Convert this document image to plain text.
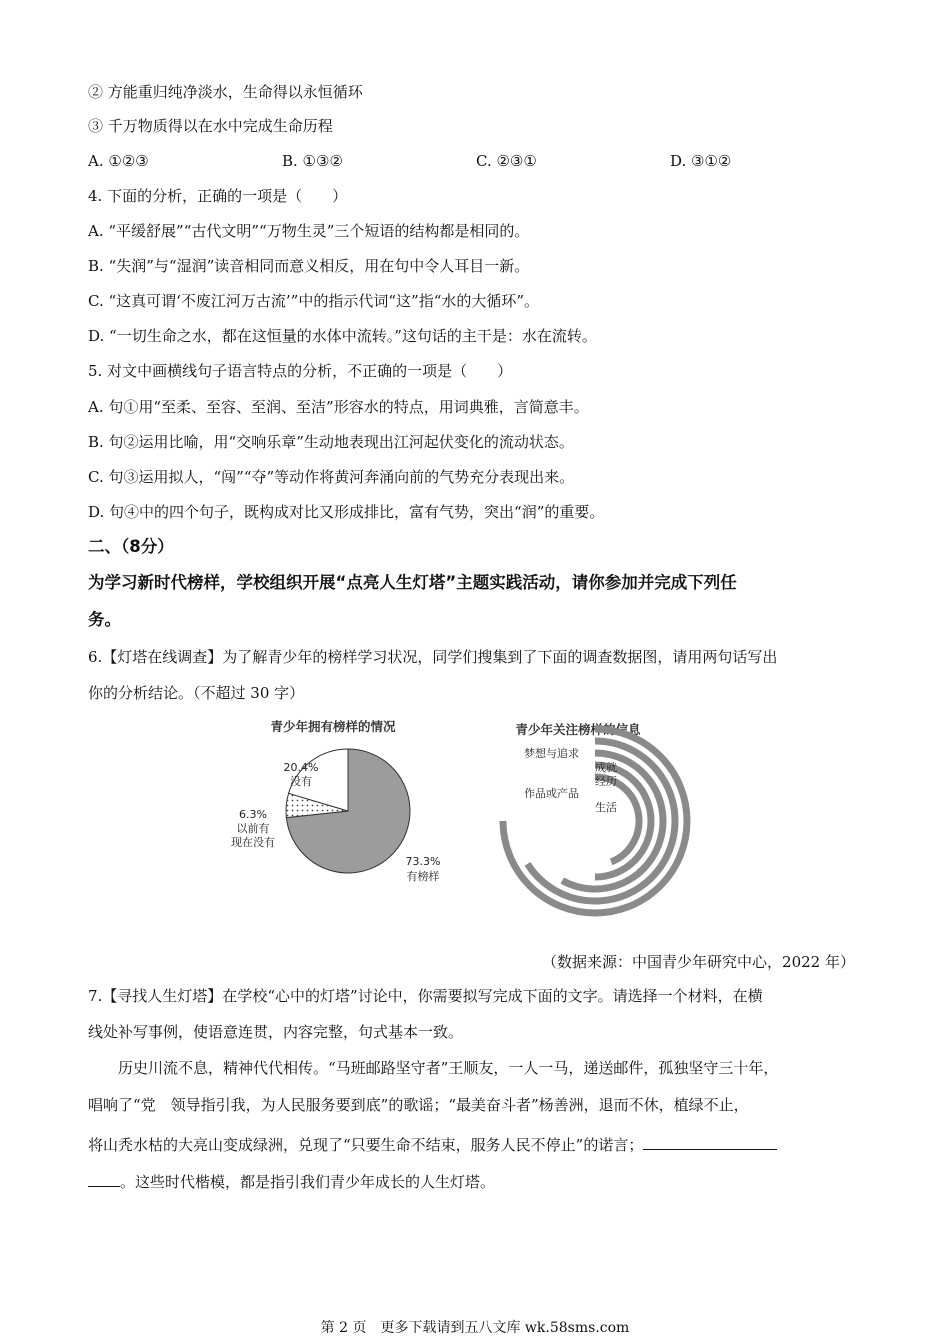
② 方能重归纯净淡水，生命得以永恒循环
③ 千万物质得以在水中完成生命历程
A. ①②③	B. ①③②	C. ②③①	D. ③①②
4. 下面的分析，正确的一项是（　　）
A. “平缓舒展”“古代文明”“万物生灵”三个短语的结构都是相同的。
B. “失润”与“湿润”读音相同而意义相反，用在句中令人耳目一新。
C. “这真可谓‘不废江河万古流’”中的指示代词“这”指“水的大循环”。
D. “一切生命之水，都在这恒量的水体中流转。”这句话的主干是：水在流转。
5. 对文中画横线句子语言特点的分析，不正确的一项是（　　）
A. 句①用“至柔、至容、至润、至洁”形容水的特点，用词典雅，言简意丰。
B. 句②运用比喻，用“交响乐章”生动地表现出江河起伏变化的流动状态。
C. 句③运用拟人，“闯”“夺”等动作将黄河奔涌向前的气势充分表现出来。
D. 句④中的四个句子，既构成对比又形成排比，富有气势，突出“润”的重要。
二、（8分）
为学习新时代榜样，学校组织开展“点亮人生灯塔”主题实践活动，请你参加并完成下列任
务。
6.【灯塔在线调查】为了解青少年的榜样学习状况，同学们搜集到了下面的调查数据图，请用两句话写出
你的分析结论。（不超过 30 字）
青少年拥有榜样的情况
20.4%
没有
6.3%
以前有
现在没有
73.3%
有榜样
青少年关注榜样的信息
梦想与追求
成就
经历
作品或产品
生活
（数据来源：中国青少年研究中心，2022 年）
7.【寻找人生灯塔】在学校“心中的灯塔”讨论中，你需要拟写完成下面的文字。请选择一个材料，在横
线处补写事例，使语意连贯，内容完整，句式基本一致。
历史川流不息，精神代代相传。“马班邮路坚守者”王顺友，一人一马，递送邮件，孤独坚守三十年，
唱响了“党　领导指引我，为人民服务要到底”的歌谣；“最美奋斗者”杨善洲，退而不休，植绿不止，
将山秃水枯的大亮山变成绿洲，兑现了“只要生命不结束，服务人民不停止”的诺言；
。这些时代楷模，都是指引我们青少年成长的人生灯塔。
第 2 页　更多下载请到五八文库 wk.58sms.com
